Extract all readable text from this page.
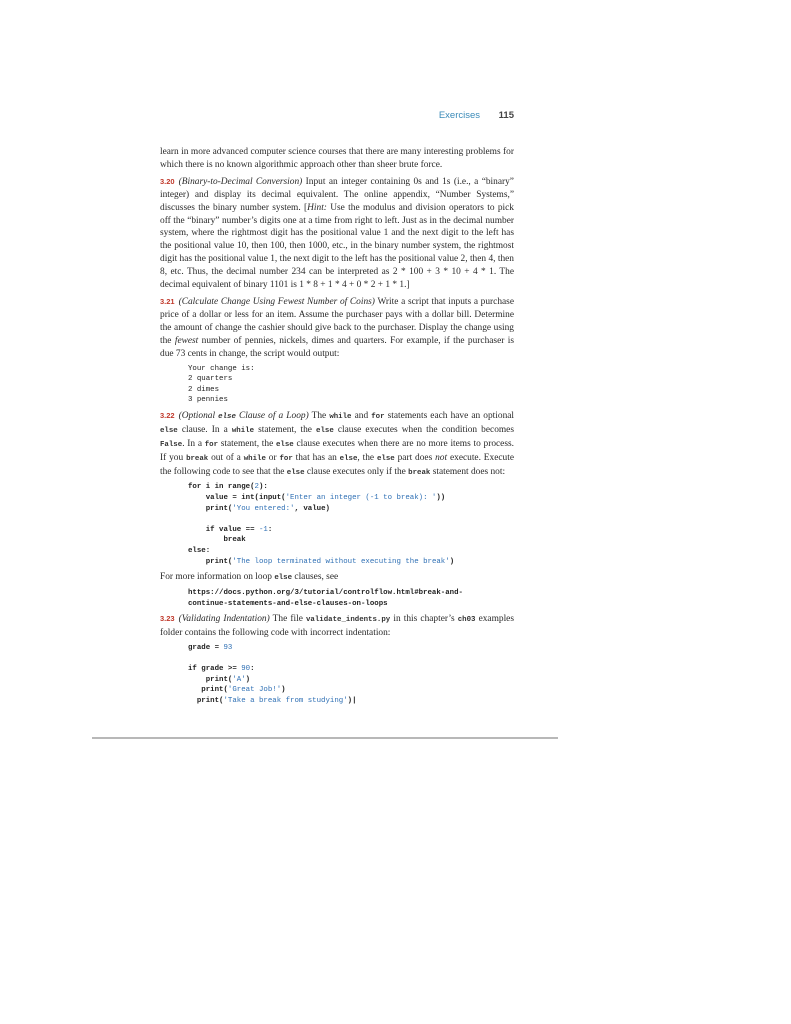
Exercises 115

learn in more advanced computer science courses that there are many interesting problems for which there is no known algorithmic approach other than sheer brute force.

3.20 (Binary-to-Decimal Conversion) Input an integer containing 0s and 1s (i.e., a “binary” integer) and display its decimal equivalent. The online appendix, “Number Systems,” discusses the binary number system. [Hint: Use the modulus and division operators to pick off the “binary” number’s digits one at a time from right to left. Just as in the decimal number system, where the rightmost digit has the positional value 1 and the next digit to the left has the positional value 10, then 100, then 1000, etc., in the binary number system, the rightmost digit has the positional value 1, the next digit to the left has the positional value 2, then 4, then 8, etc. Thus, the decimal number 234 can be interpreted as 2 * 100 + 3 * 10 + 4 * 1. The decimal equivalent of binary 1101 is 1 * 8 + 1 * 4 + 0 * 2 + 1 * 1.]

3.21 (Calculate Change Using Fewest Number of Coins) Write a script that inputs a purchase price of a dollar or less for an item. Assume the purchaser pays with a dollar bill. Determine the amount of change the cashier should give back to the purchaser. Display the change using the fewest number of pennies, nickels, dimes and quarters. For example, if the purchaser is due 73 cents in change, the script would output:

Your change is:
2 quarters
2 dimes
3 pennies

3.22 (Optional else Clause of a Loop) The while and for statements each have an optional else clause. In a while statement, the else clause executes when the condition becomes False. In a for statement, the else clause executes when there are no more items to process. If you break out of a while or for that has an else, the else part does not execute. Execute the following code to see that the else clause executes only if the break statement does not:

for i in range(2):
value = int(input('Enter an integer (-1 to break): '))
print('You entered:', value)

if value == -1:
break
else:
print('The loop terminated without executing the break')

For more information on loop else clauses, see

https://docs.python.org/3/tutorial/controlflow.html#break-and-
continue-statements-and-else-clauses-on-loops

3.23 (Validating Indentation) The file validate_indents.py in this chapter’s ch03 examples folder contains the following code with incorrect indentation:

grade = 93

if grade >= 90:
print('A')
print('Great Job!')
print('Take a break from studying')|
